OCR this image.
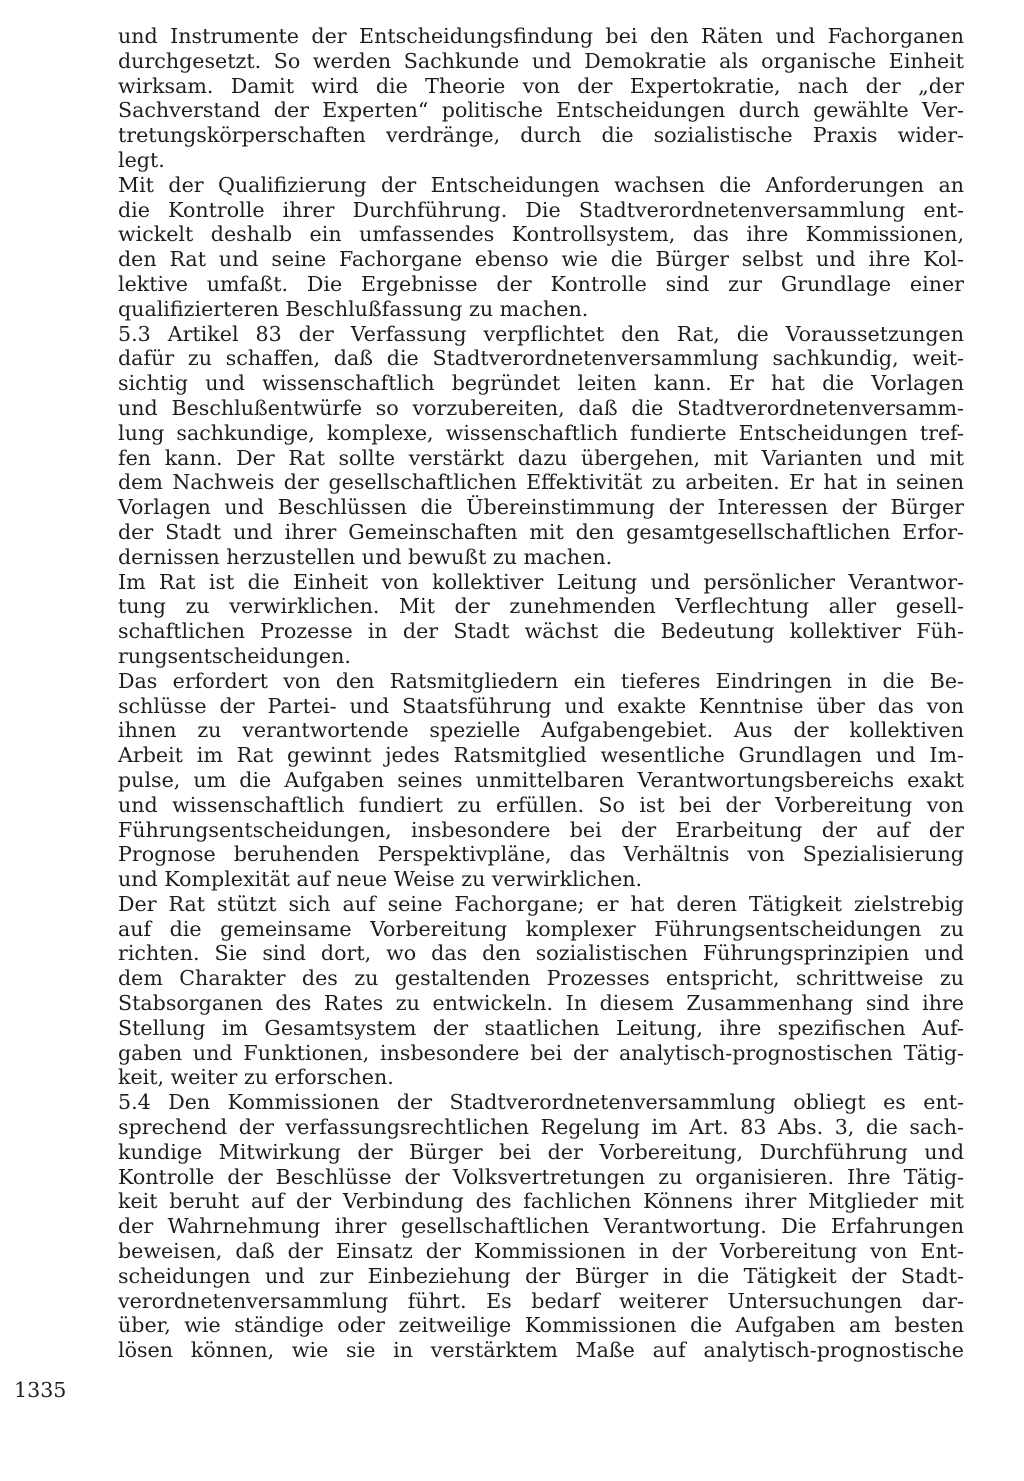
und Instrumente der Entscheidungsfindung bei den Räten und Fachorganen
durchgesetzt. So werden Sachkunde und Demokratie als organische Einheit
wirksam. Damit wird die Theorie von der Expertokratie, nach der „der
Sachverstand der Experten“ politische Entscheidungen durch gewählte Ver-
tretungskörperschaften verdränge, durch die sozialistische Praxis wider-
legt.
Mit der Qualifizierung der Entscheidungen wachsen die Anforderungen an
die Kontrolle ihrer Durchführung. Die Stadtverordnetenversammlung ent-
wickelt deshalb ein umfassendes Kontrollsystem, das ihre Kommissionen,
den Rat und seine Fachorgane ebenso wie die Bürger selbst und ihre Kol-
lektive umfaßt. Die Ergebnisse der Kontrolle sind zur Grundlage einer
qualifizierteren Beschlußfassung zu machen.
5.3 Artikel 83 der Verfassung verpflichtet den Rat, die Voraussetzungen
dafür zu schaffen, daß die Stadtverordnetenversammlung sachkundig, weit-
sichtig und wissenschaftlich begründet leiten kann. Er hat die Vorlagen
und Beschlußentwürfe so vorzubereiten, daß die Stadtverordnetenversamm-
lung sachkundige, komplexe, wissenschaftlich fundierte Entscheidungen tref-
fen kann. Der Rat sollte verstärkt dazu übergehen, mit Varianten und mit
dem Nachweis der gesellschaftlichen Effektivität zu arbeiten. Er hat in seinen
Vorlagen und Beschlüssen die Übereinstimmung der Interessen der Bürger
der Stadt und ihrer Gemeinschaften mit den gesamtgesellschaftlichen Erfor-
dernissen herzustellen und bewußt zu machen.
Im Rat ist die Einheit von kollektiver Leitung und persönlicher Verantwor-
tung zu verwirklichen. Mit der zunehmenden Verflechtung aller gesell-
schaftlichen Prozesse in der Stadt wächst die Bedeutung kollektiver Füh-
rungsentscheidungen.
Das erfordert von den Ratsmitgliedern ein tieferes Eindringen in die Be-
schlüsse der Partei- und Staatsführung und exakte Kenntnise über das von
ihnen zu verantwortende spezielle Aufgabengebiet. Aus der kollektiven
Arbeit im Rat gewinnt jedes Ratsmitglied wesentliche Grundlagen und Im-
pulse, um die Aufgaben seines unmittelbaren Verantwortungsbereichs exakt
und wissenschaftlich fundiert zu erfüllen. So ist bei der Vorbereitung von
Führungsentscheidungen, insbesondere bei der Erarbeitung der auf der
Prognose beruhenden Perspektivpläne, das Verhältnis von Spezialisierung
und Komplexität auf neue Weise zu verwirklichen.
Der Rat stützt sich auf seine Fachorgane; er hat deren Tätigkeit zielstrebig
auf die gemeinsame Vorbereitung komplexer Führungsentscheidungen zu
richten. Sie sind dort, wo das den sozialistischen Führungsprinzipien und
dem Charakter des zu gestaltenden Prozesses entspricht, schrittweise zu
Stabsorganen des Rates zu entwickeln. In diesem Zusammenhang sind ihre
Stellung im Gesamtsystem der staatlichen Leitung, ihre spezifischen Auf-
gaben und Funktionen, insbesondere bei der analytisch-prognostischen Tätig-
keit, weiter zu erforschen.
5.4 Den Kommissionen der Stadtverordnetenversammlung obliegt es ent-
sprechend der verfassungsrechtlichen Regelung im Art. 83 Abs. 3, die sach-
kundige Mitwirkung der Bürger bei der Vorbereitung, Durchführung und
Kontrolle der Beschlüsse der Volksvertretungen zu organisieren. Ihre Tätig-
keit beruht auf der Verbindung des fachlichen Könnens ihrer Mitglieder mit
der Wahrnehmung ihrer gesellschaftlichen Verantwortung. Die Erfahrungen
beweisen, daß der Einsatz der Kommissionen in der Vorbereitung von Ent-
scheidungen und zur Einbeziehung der Bürger in die Tätigkeit der Stadt-
verordnetenversammlung führt. Es bedarf weiterer Untersuchungen dar-
über, wie ständige oder zeitweilige Kommissionen die Aufgaben am besten
lösen können, wie sie in verstärktem Maße auf analytisch-prognostische
1335
